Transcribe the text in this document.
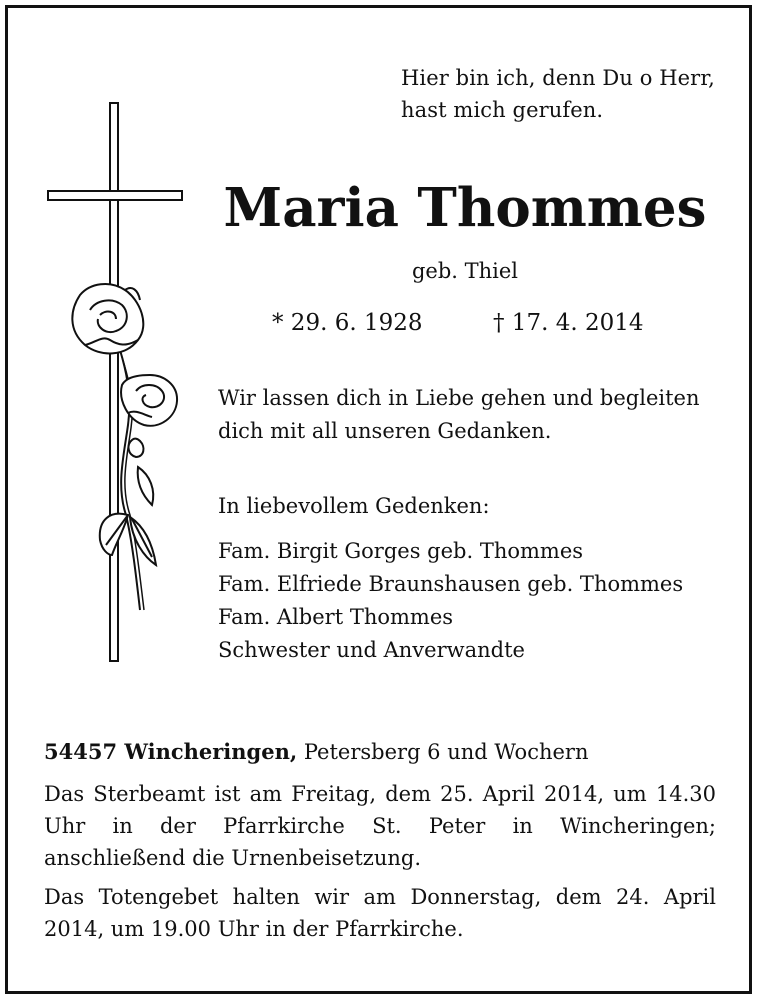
Hier bin ich, denn Du o Herr,
hast mich gerufen.
Maria Thommes
geb. Thiel
* 29. 6. 1928	† 17. 4. 2014
Wir lassen dich in Liebe gehen und begleiten
dich mit all unseren Gedanken.
In liebevollem Gedenken:
Fam. Birgit Gorges geb. Thommes
Fam. Elfriede Braunshausen geb. Thommes
Fam. Albert Thommes
Schwester und Anverwandte
54457 Wincheringen, Petersberg 6 und Wochern
Das Sterbeamt ist am Freitag, dem 25. April 2014, um 14.30 Uhr in der Pfarrkirche St. Peter in Wincheringen; anschließend die Urnenbeisetzung.
Das Totengebet halten wir am Donnerstag, dem 24. April 2014, um 19.00 Uhr in der Pfarrkirche.
